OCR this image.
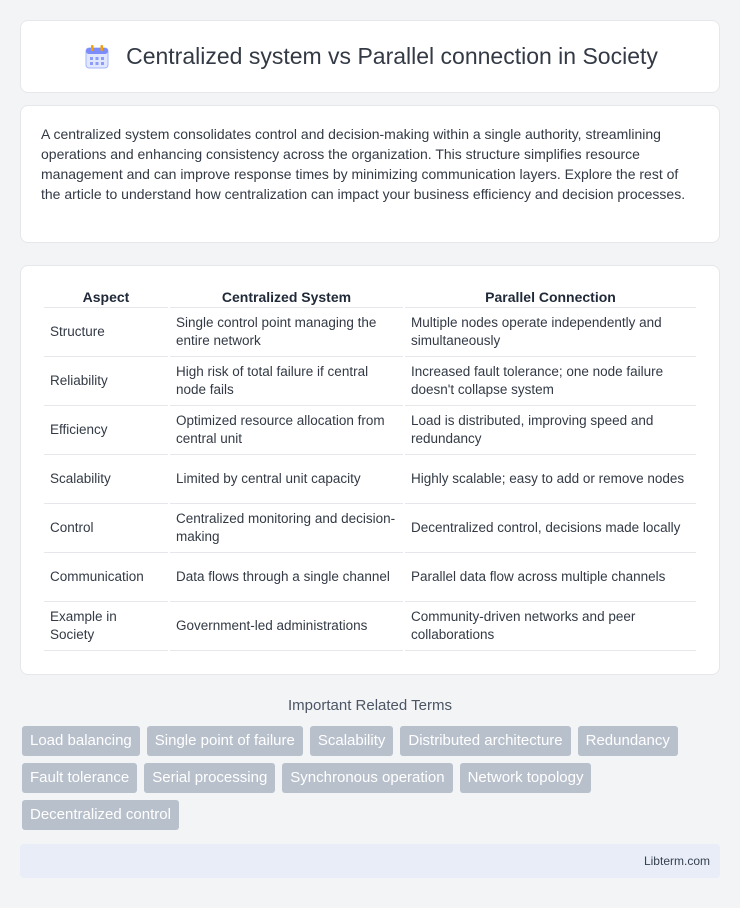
Centralized system vs Parallel connection in Society

A centralized system consolidates control and decision-making within a single authority, streamlining operations and enhancing consistency across the organization. This structure simplifies resource management and can improve response times by minimizing communication layers. Explore the rest of the article to understand how centralization can impact your business efficiency and decision processes.

Aspect	Centralized System	Parallel Connection
Structure	Single control point managing the entire network	Multiple nodes operate independently and simultaneously
Reliability	High risk of total failure if central node fails	Increased fault tolerance; one node failure doesn't collapse system
Efficiency	Optimized resource allocation from central unit	Load is distributed, improving speed and redundancy
Scalability	Limited by central unit capacity	Highly scalable; easy to add or remove nodes
Control	Centralized monitoring and decision-making	Decentralized control, decisions made locally
Communication	Data flows through a single channel	Parallel data flow across multiple channels
Example in Society	Government-led administrations	Community-driven networks and peer collaborations
Important Related Terms
Load balancing	Single point of failure	Scalability	Distributed architecture	Redundancy
Fault tolerance	Serial processing	Synchronous operation	Network topology
Decentralized control
Libterm.com
